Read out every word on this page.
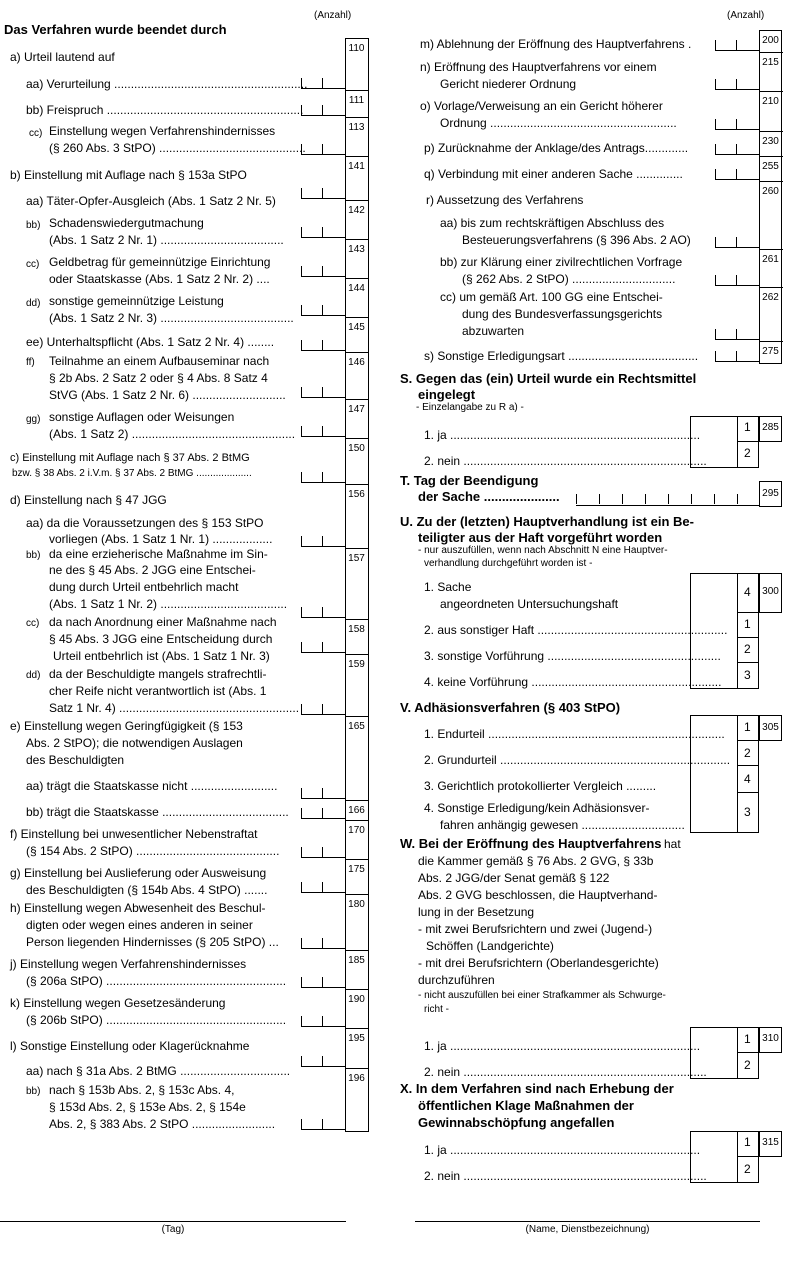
(Anzahl)
Das Verfahren wurde beendet durch
a) Urteil lautend auf
aa) Verurteilung ..........................................................
bb) Freispruch ...........................................................
cc) Einstellung wegen Verfahrenshindernisses
(§ 260 Abs. 3 StPO) ............................................
b) Einstellung mit Auflage nach § 153a StPO
aa) Täter-Opfer-Ausgleich (Abs. 1 Satz 2 Nr. 5)
bb) Schadenswiedergutmachung
(Abs. 1 Satz 2 Nr. 1) .....................................
cc) Geldbetrag für gemeinnützige Einrichtung
oder Staatskasse (Abs. 1 Satz 2 Nr. 2) ....
dd) sonstige gemeinnützige Leistung
(Abs. 1 Satz 2 Nr. 3) ........................................
ee) Unterhaltspflicht (Abs. 1 Satz 2 Nr. 4) ........
ff) Teilnahme an einem Aufbauseminar nach
§ 2b Abs. 2 Satz 2 oder § 4 Abs. 8 Satz 4
StVG (Abs. 1 Satz 2 Nr. 6) ............................
gg) sonstige Auflagen oder Weisungen
(Abs. 1 Satz 2) .................................................
c) Einstellung mit Auflage nach § 37 Abs. 2 BtMG
bzw. § 38 Abs. 2 i.V.m. § 37 Abs. 2 BtMG ....................
d) Einstellung nach § 47 JGG
aa) da die Voraussetzungen des § 153 StPO
vorliegen (Abs. 1 Satz 1 Nr. 1) ..................
bb) da eine erzieherische Maßnahme im Sin-
ne des § 45 Abs. 2 JGG eine Entschei-
dung durch Urteil entbehrlich macht
(Abs. 1 Satz 1 Nr. 2) ......................................
cc) da nach Anordnung einer Maßnahme nach
§ 45 Abs. 3 JGG eine Entscheidung durch
Urteil entbehrlich ist (Abs. 1 Satz 1 Nr. 3)
dd) da der Beschuldigte mangels strafrechtli-
cher Reife nicht verantwortlich ist (Abs. 1
Satz 1 Nr. 4) ......................................................
e) Einstellung wegen Geringfügigkeit (§ 153
Abs. 2 StPO); die notwendigen Auslagen
des Beschuldigten
aa) trägt die Staatskasse nicht ..........................
bb) trägt die Staatskasse ......................................
f) Einstellung bei unwesentlicher Nebenstraftat
(§ 154 Abs. 2 StPO) ...........................................
g) Einstellung bei Auslieferung oder Ausweisung
des Beschuldigten (§ 154b Abs. 4 StPO) .......
h) Einstellung wegen Abwesenheit des Beschul-
digten oder wegen eines anderen in seiner
Person liegenden Hindernisses (§ 205 StPO) ...
j) Einstellung wegen Verfahrenshindernisses
(§ 206a StPO) ......................................................
k) Einstellung wegen Gesetzesänderung
(§ 206b StPO) ......................................................
l) Sonstige Einstellung oder Klagerücknahme
aa) nach § 31a Abs. 2 BtMG .................................
bb) nach § 153b Abs. 2, § 153c Abs. 4,
§ 153d Abs. 2, § 153e Abs. 2, § 154e
Abs. 2, § 383 Abs. 2 StPO .........................
110
111
113
141
142
143
144
145
146
147
150
156
157
158
159
165
166
170
175
180
185
190
195
196
(Tag)
(Anzahl)
m) Ablehnung der Eröffnung des Hauptverfahrens .
n) Eröffnung des Hauptverfahrens vor einem
Gericht niederer Ordnung
o) Vorlage/Verweisung an ein Gericht höherer
Ordnung ........................................................
p) Zurücknahme der Anklage/des Antrags.............
q) Verbindung mit einer anderen Sache ..............
r) Aussetzung des Verfahrens
aa) bis zum rechtskräftigen Abschluss des
Besteuerungsverfahrens (§ 396 Abs. 2 AO)
bb) zur Klärung einer zivilrechtlichen Vorfrage
(§ 262 Abs. 2 StPO) ...............................
cc) um gemäß Art. 100 GG eine Entschei-
dung des Bundesverfassungsgerichts
abzuwarten
s) Sonstige Erledigungsart .......................................
200
215
210
230
255
260
261
262
275
S. Gegen das (ein) Urteil wurde ein Rechtsmittel
eingelegt
- Einzelangabe zu R a) -
1. ja ...........................................................................
2. nein .........................................................................
1
2
285
T. Tag der Beendigung
der Sache .....................	295
U. Zu der (letzten) Hauptverhandlung ist ein Be-
teiligter aus der Haft vorgeführt worden
- nur auszufüllen, wenn nach Abschnitt N eine Hauptver-
verhandlung durchgeführt worden ist -
1. Sache
angeordneten Untersuchungshaft
2. aus sonstiger Haft .........................................................
3. sonstige Vorführung ....................................................
4. keine Vorführung .........................................................
4
1
2
3
300
V. Adhäsionsverfahren (§ 403 StPO)
1. Endurteil .......................................................................
2. Grundurteil .....................................................................
3. Gerichtlich protokollierter Vergleich .........
4. Sonstige Erledigung/kein Adhäsionsver-
fahren anhängig gewesen ...............................
1
2
4
3
305
W. Bei der Eröffnung des Hauptverfahrens hat
die Kammer gemäß § 76 Abs. 2 GVG, § 33b
Abs. 2 JGG/der Senat gemäß § 122
Abs. 2 GVG beschlossen, die Hauptverhand-
lung in der Besetzung
- mit zwei Berufsrichtern und zwei (Jugend-)
Schöffen (Landgerichte)
- mit drei Berufsrichtern (Oberlandesgerichte)
durchzuführen
- nicht auszufüllen bei einer Strafkammer als Schwurge-
richt -
1. ja ...........................................................................
2. nein .........................................................................
1
2
310
X. In dem Verfahren sind nach Erhebung der
öffentlichen Klage Maßnahmen der
Gewinnabschöpfung angefallen
1. ja ...........................................................................
2. nein .........................................................................
1
2
315
(Name, Dienstbezeichnung)
